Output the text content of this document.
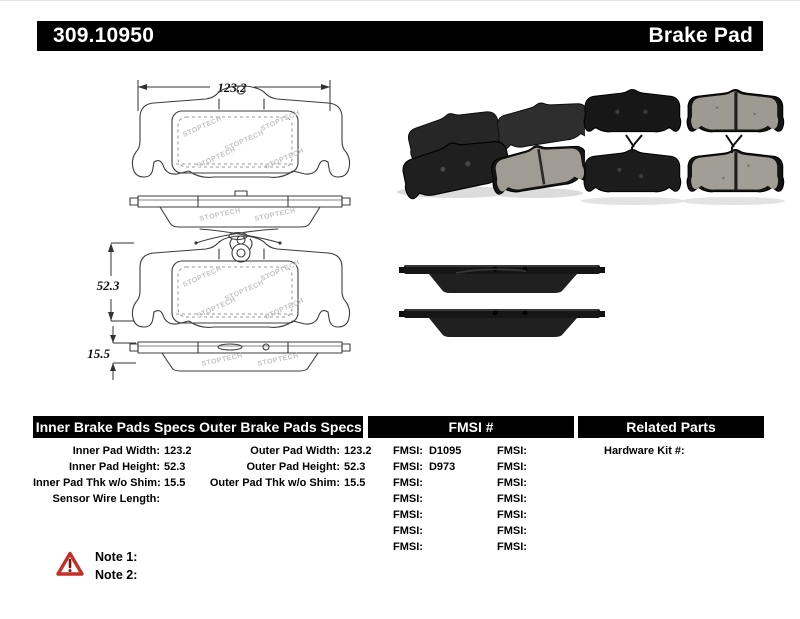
309.10950	Brake Pad
123.2
STOPTECH
STOPTECH
STOPTECH
STOPTECH	STOPTECH
STOPTECH STOPTECH
52.3
STOPTECH STOPTECH
15.5
Inner Brake Pads Specs Outer Brake Pads Specs	FMSI #	Related Parts
Inner Pad Width: 123.2
Inner Pad Height: 52.3
Inner Pad Thk w/o Shim: 15.5
Sensor Wire Length:
Outer Pad Width: 123.2
Outer Pad Height: 52.3
Outer Pad Thk w/o Shim: 15.5
FMSI: D1095	FMSI:
FMSI: D973	FMSI:
FMSI:	FMSI:
FMSI:	FMSI:
FMSI:	FMSI:
FMSI:	FMSI:
FMSI:	FMSI:
Hardware Kit #:
Note 1:
Note 2:
